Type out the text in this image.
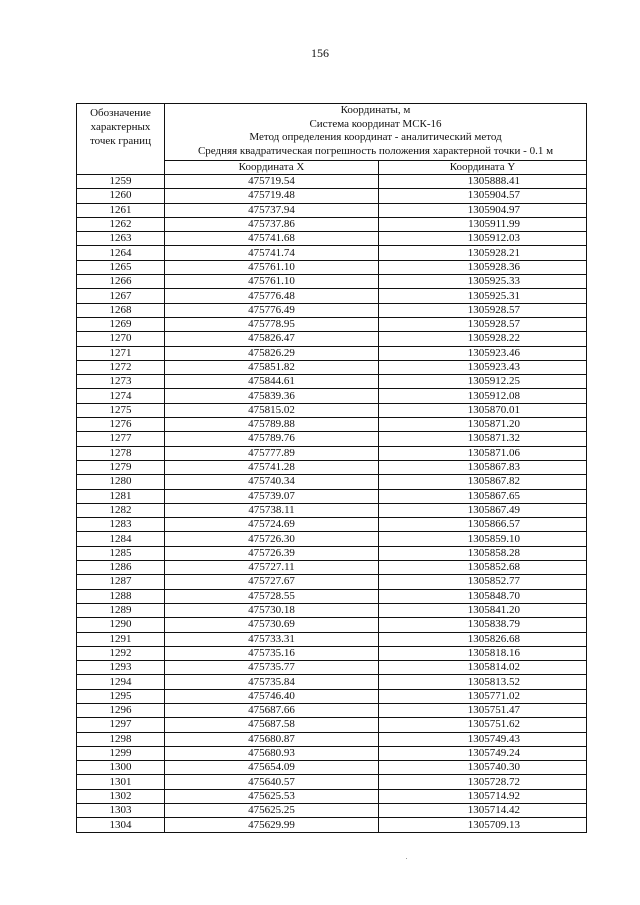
156
Обозначение характерных точек границ	Координаты, м
Система координат МСК-16
Метод определения координат - аналитический метод
Средняя квадратическая погрешность положения характерной точки - 0.1 м	

	Координата X	Координата Y
1259	475719.54	1305888.41
1260	475719.48	1305904.57
1261	475737.94	1305904.97
1262	475737.86	1305911.99
1263	475741.68	1305912.03
1264	475741.74	1305928.21
1265	475761.10	1305928.36
1266	475761.10	1305925.33
1267	475776.48	1305925.31
1268	475776.49	1305928.57
1269	475778.95	1305928.57
1270	475826.47	1305928.22
1271	475826.29	1305923.46
1272	475851.82	1305923.43
1273	475844.61	1305912.25
1274	475839.36	1305912.08
1275	475815.02	1305870.01
1276	475789.88	1305871.20
1277	475789.76	1305871.32
1278	475777.89	1305871.06
1279	475741.28	1305867.83
1280	475740.34	1305867.82
1281	475739.07	1305867.65
1282	475738.11	1305867.49
1283	475724.69	1305866.57
1284	475726.30	1305859.10
1285	475726.39	1305858.28
1286	475727.11	1305852.68
1287	475727.67	1305852.77
1288	475728.55	1305848.70
1289	475730.18	1305841.20
1290	475730.69	1305838.79
1291	475733.31	1305826.68
1292	475735.16	1305818.16
1293	475735.77	1305814.02
1294	475735.84	1305813.52
1295	475746.40	1305771.02
1296	475687.66	1305751.47
1297	475687.58	1305751.62
1298	475680.87	1305749.43
1299	475680.93	1305749.24
1300	475654.09	1305740.30
1301	475640.57	1305728.72
1302	475625.53	1305714.92
1303	475625.25	1305714.42
1304	475629.99	1305709.13
